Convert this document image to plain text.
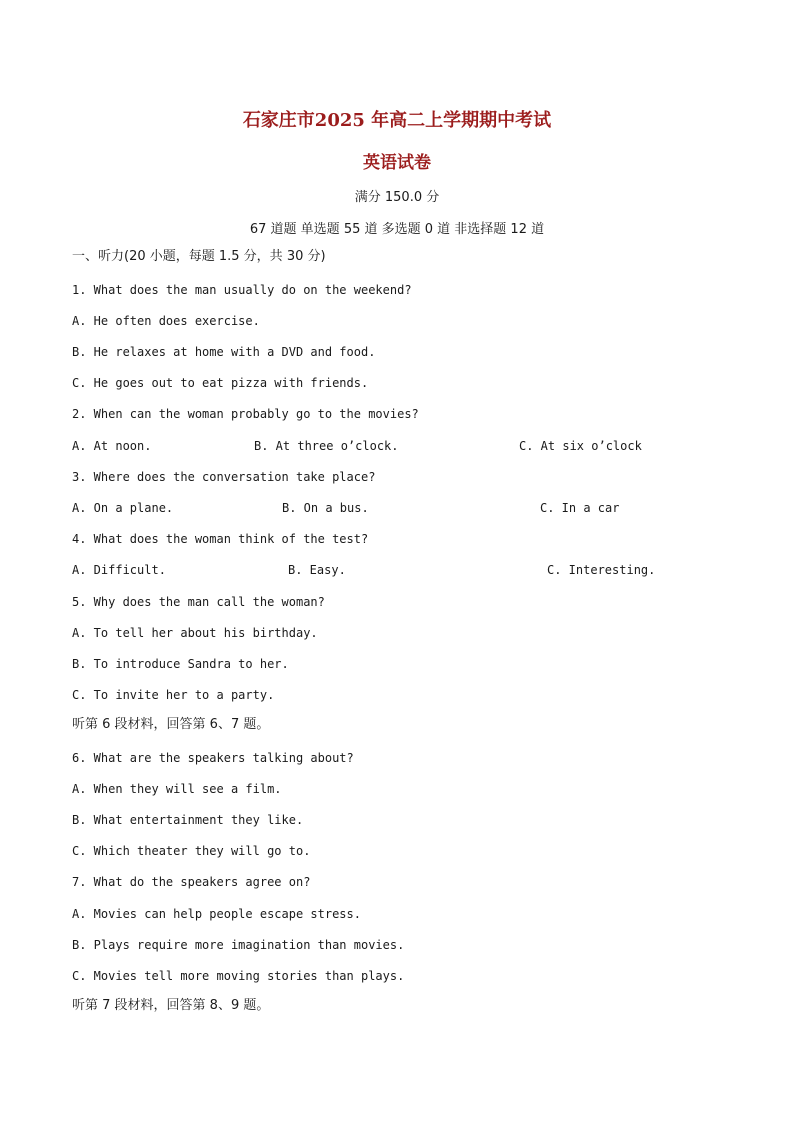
石家庄市2025 年高二上学期期中考试
英语试卷
满分 150.0 分
67 道题 单选题 55 道 多选题 0 道 非选择题 12 道
一、听力(20 小题，每题 1.5 分，共 30 分)
1. What does the man usually do on the weekend?
A. He often does exercise.
B. He relaxes at home with a DVD and food.
C. He goes out to eat pizza with friends.
2. When can the woman probably go to the movies?
A. At noon.	B. At three o’clock.	C. At six o’clock
3. Where does the conversation take place?
A. On a plane.	B. On a bus.	C. In a car
4. What does the woman think of the test?
A. Difficult.	B. Easy.	C. Interesting.
5. Why does the man call the woman?
A. To tell her about his birthday.
B. To introduce Sandra to her.
C. To invite her to a party.
听第 6 段材料，回答第 6、7 题。
6. What are the speakers talking about?
A. When they will see a film.
B. What entertainment they like.
C. Which theater they will go to.
7. What do the speakers agree on?
A. Movies can help people escape stress.
B. Plays require more imagination than movies.
C. Movies tell more moving stories than plays.
听第 7 段材料，回答第 8、9 题。
